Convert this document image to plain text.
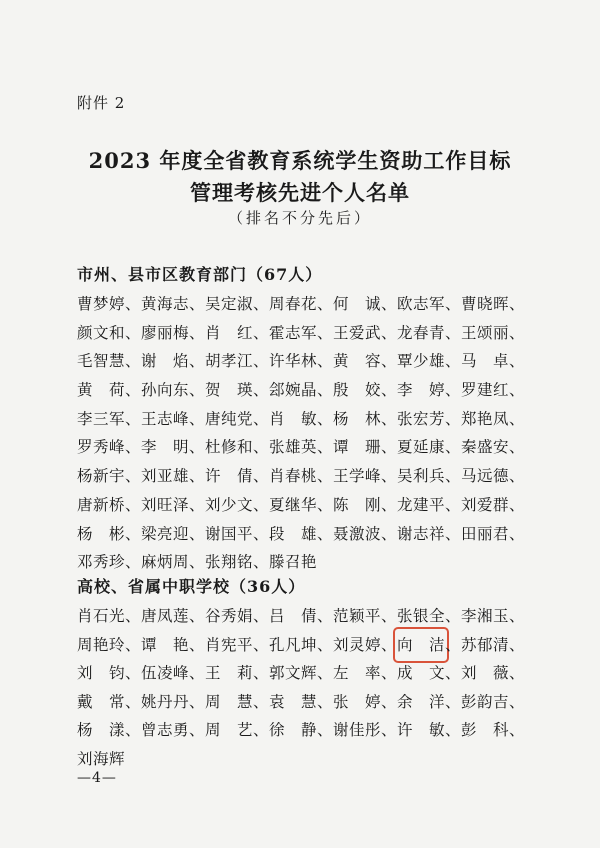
附件 2
2023 年度全省教育系统学生资助工作目标
管理考核先进个人名单
（排名不分先后）
市州、县市区教育部门（67人）
曹梦婷、黄海志、吴定淑、周春花、何　诚、欧志军、曹晓晖、
颜文和、廖丽梅、肖　红、霍志军、王爱武、龙春青、王颂丽、
毛智慧、谢　焰、胡孝江、许华林、黄　容、覃少雄、马　卓、
黄　荷、孙向东、贺　瑛、郐婉晶、殷　姣、李　婷、罗建红、
李三军、王志峰、唐纯党、肖　敏、杨　林、张宏芳、郑艳凤、
罗秀峰、李　明、杜修和、张雄英、谭　珊、夏延康、秦盛安、
杨新宇、刘亚雄、许　倩、肖春桃、王学峰、吴利兵、马远德、
唐新桥、刘旺泽、刘少文、夏继华、陈　刚、龙建平、刘爱群、
杨　彬、梁亮迎、谢国平、段　雄、聂激波、谢志祥、田丽君、
邓秀珍、麻炳周、张翔铭、滕召艳
高校、省属中职学校（36人）
肖石光、唐凤莲、谷秀娟、吕　倩、范颖平、张银全、李湘玉、
周艳玲、谭　艳、肖宪平、孔凡坤、刘灵婷、向　洁、苏郁清、
刘　钧、伍凌峰、王　莉、郭文辉、左　率、成　文、刘　薇、
戴　常、姚丹丹、周　慧、袁　慧、张　婷、余　洋、彭韵吉、
杨　漾、曾志勇、周　艺、徐　静、谢佳彤、许　敏、彭　科、
刘海辉
—4—
